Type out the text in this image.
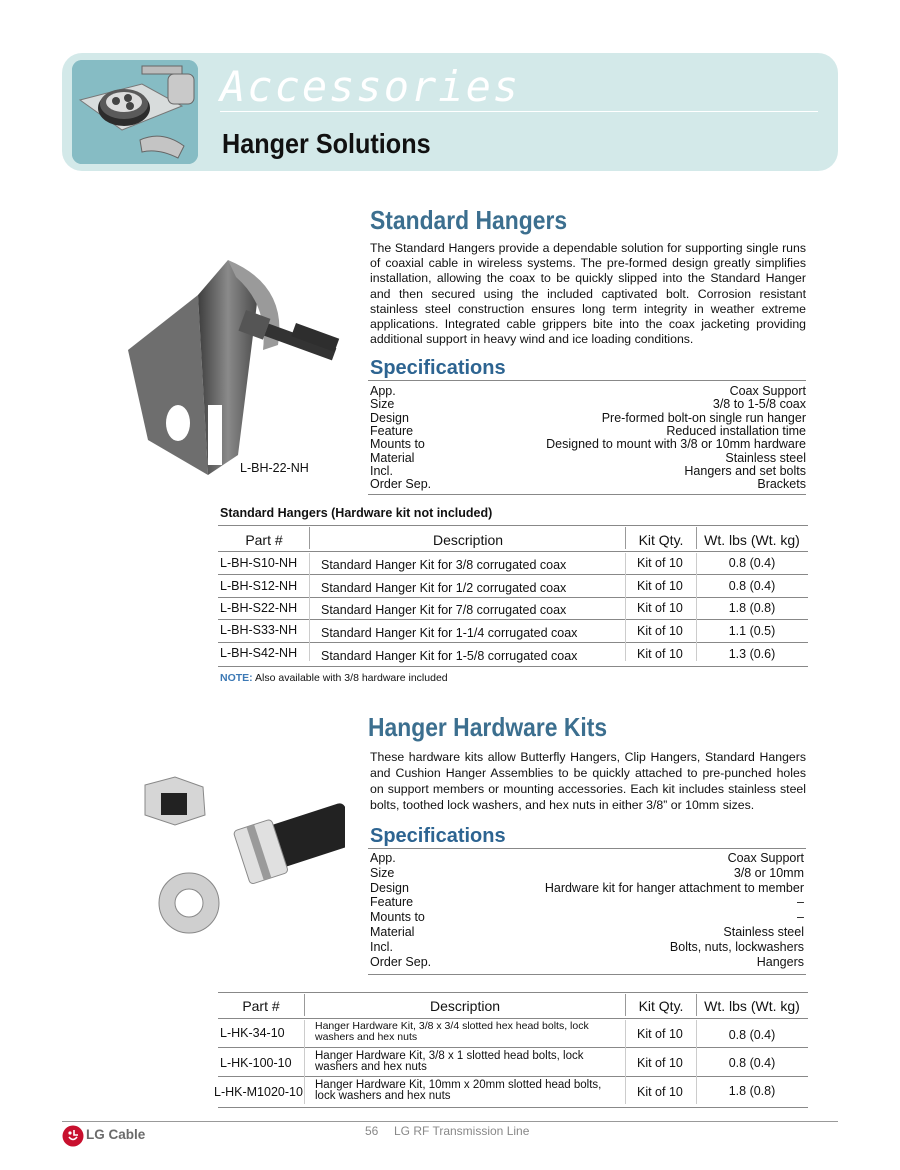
Accessories
Hanger Solutions
L-BH-22-NH
Standard Hangers
The Standard Hangers provide a dependable solution for supporting single runs of coaxial cable in wireless systems. The pre-formed design greatly simplifies installation, allowing the coax to be quickly slipped into the Standard Hanger and then secured using the included captivated bolt. Corrosion resistant stainless steel construction ensures long term integrity in weather extreme applications. Integrated cable grippers bite into the coax jacketing providing additional support in heavy wind and ice loading conditions.
Specifications
App.	Coax Support
Size	3/8 to 1-5/8 coax
Design	Pre-formed bolt-on single run hanger
Feature	Reduced installation time
Mounts to	Designed to mount with 3/8 or 10mm hardware
Material	Stainless steel
Incl.	Hangers and set bolts
Order Sep.	Brackets
Standard Hangers (Hardware kit not included)
Part #	Description	Kit Qty.	Wt. lbs (Wt. kg)
L-BH-S10-NH Standard Hanger Kit for 3/8 corrugated coax	Kit of 10	0.8 (0.4)
L-BH-S12-NH Standard Hanger Kit for 1/2 corrugated coax	Kit of 10	0.8 (0.4)
L-BH-S22-NH Standard Hanger Kit for 7/8 corrugated coax	Kit of 10	1.8 (0.8)
L-BH-S33-NH Standard Hanger Kit for 1-1/4 corrugated coax	Kit of 10	1.1 (0.5)
L-BH-S42-NH Standard Hanger Kit for 1-5/8 corrugated coax	Kit of 10	1.3 (0.6)
NOTE: Also available with 3/8 hardware included
Hanger Hardware Kits
These hardware kits allow Butterfly Hangers, Clip Hangers, Standard Hangers and Cushion Hanger Assemblies to be quickly attached to pre-punched holes on support members or mounting accessories. Each kit includes stainless steel bolts, toothed lock washers, and hex nuts in either 3/8” or 10mm sizes.
Specifications
App.	Coax Support
Size	3/8 or 10mm
Design	Hardware kit for hanger attachment to member
Feature	–
Mounts to	–
Material	Stainless steel
Incl.	Bolts, nuts, lockwashers
Order Sep.	Hangers
Part #	Description	Kit Qty.	Wt. lbs (Wt. kg)
L-HK-34-10	Hanger Hardware Kit, 3/8 x 3/4 slotted hex head bolts, lock washers and hex nuts	Kit of 10	0.8 (0.4)
L-HK-100-10 Hanger Hardware Kit, 3/8 x 1 slotted head bolts, lock washers and hex nuts	Kit of 10	0.8 (0.4)
L-HK-M1020-10 Hanger Hardware Kit, 10mm x 20mm slotted head bolts, lock washers and hex nuts	Kit of 10	1.8 (0.8)
LG Cable	56 LG RF Transmission Line
